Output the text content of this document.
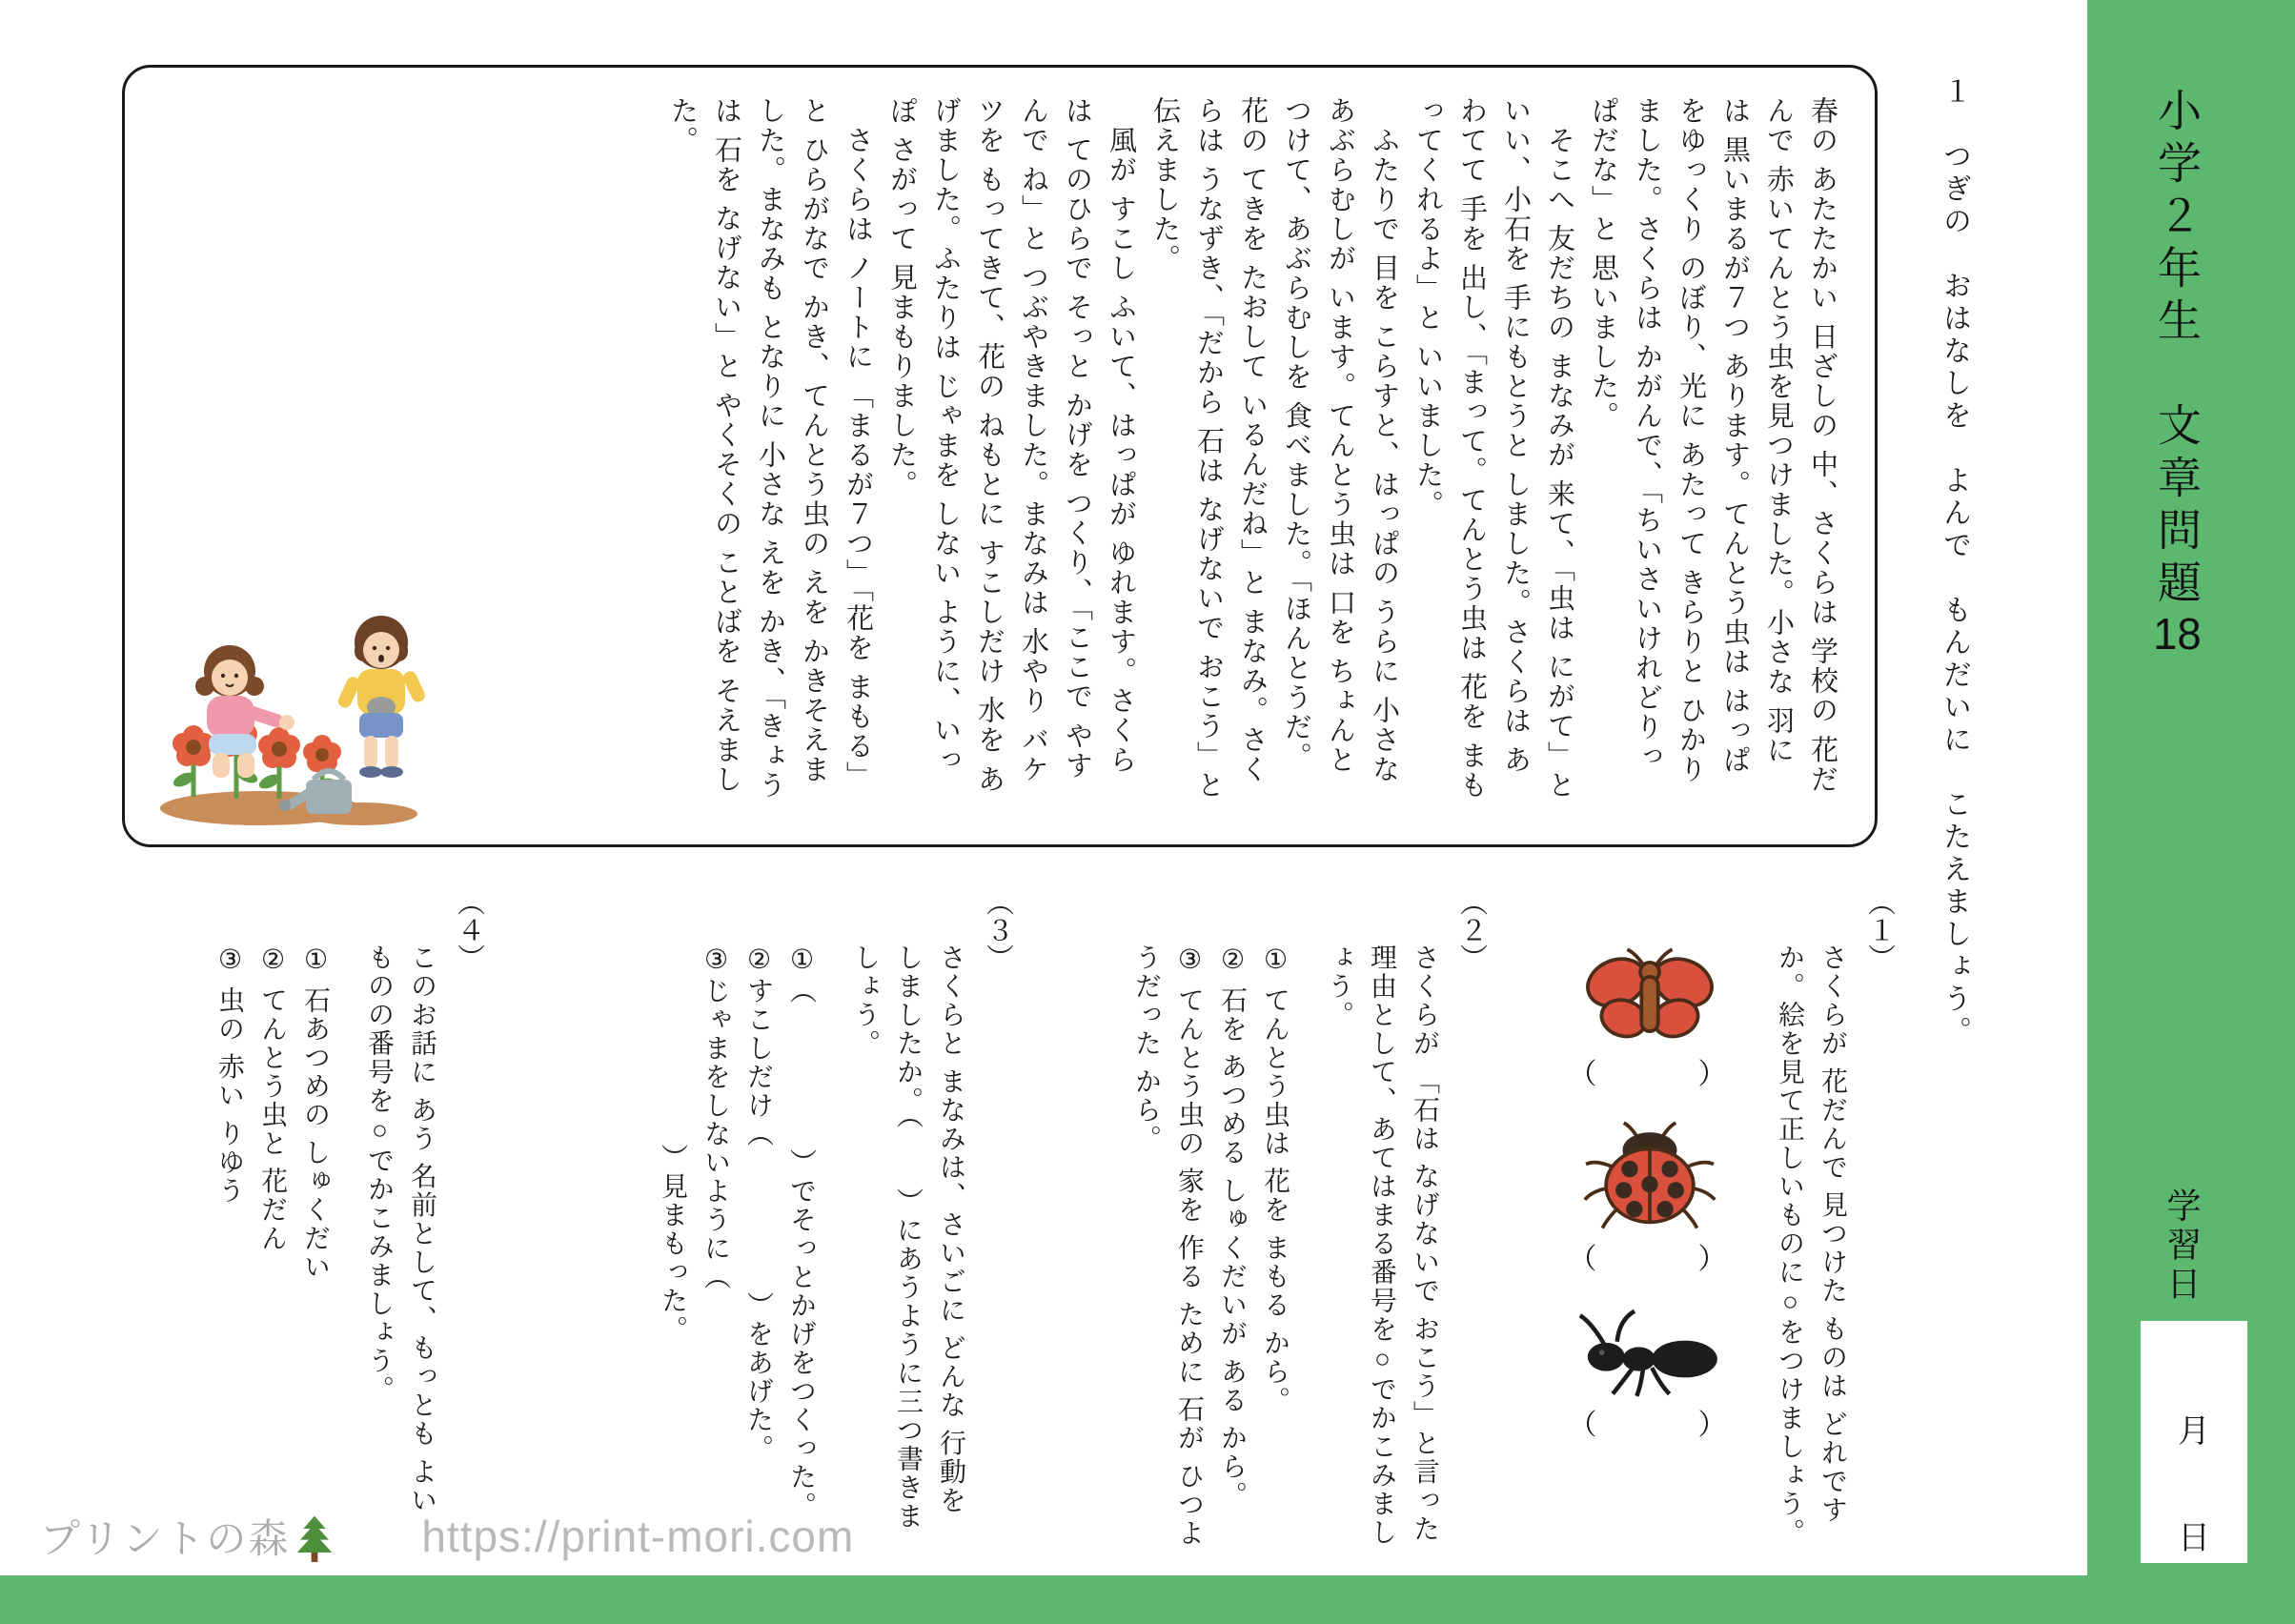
小学２年生　文章問題18
学習日
月
日
１　つぎの　おはなしを　よんで　もんだいに　こたえましょう。
春の あたたかい 日ざしの 中、さくらは 学校の 花だ
んで 赤いてんとう虫を見つけました。小さな 羽に
は 黒いまるが７つ あります。てんとう虫は はっぱ
をゆっくり のぼり、光に あたって きらりと ひかり
ました。さくらは かがんで、「ちいさいけれどりっ
ぱだな」と 思いました。
　そこへ 友だちの まなみが 来て、「虫は にがて」と
いい、小石を 手にもとうと しました。さくらは あ
わてて 手を 出し、「まって。てんとう虫は 花を まも
ってくれるよ」と いいました。
　ふたりで 目を こらすと、はっぱの うらに 小さな
あぶらむしが います。てんとう虫は 口を ちょんと
つけて、あぶらむしを 食べました。「ほんとうだ。
花の てきを たおして いるんだね」と まなみ。さく
らは うなずき、「だから 石は なげないで おこう」と
伝えました。
　風が すこし ふいて、はっぱが ゆれます。さくら
は てのひらで そっと かげを つくり、「ここで やす
んで ね」と つぶやきました。まなみは 水やり バケ
ツを もってきて、花の ねもとに すこしだけ 水を あ
げました。ふたりは じゃまを しない ように、いっ
ぽ さがって 見まもりました。
　さくらは ノートに 「まるが７つ」「花を まもる」
と ひらがなで かき、てんとう虫の えを かきそえま
した。まなみも となりに 小さな えを かき、「きょう
は 石を なげない」と やくそくの ことばを そえまし
た。
（１）
さくらが 花だんで 見つけた ものは どれです
か。絵を見て正しいものに○をつけましょう。
（　　　）
（　　　）
（　　　）
（２）
さくらが 「石は なげないで おこう」と言った
理由として、あてはまる番号を○でかこみまし
ょう。
① てんとう虫は 花を まもる から。
② 石を あつめる しゅくだいが ある から。
③ てんとう虫の 家を 作る ために 石が ひつよ
うだった から。
（３）
さくらと まなみは、さいごに どんな 行動を
しましたか。（　　）にあうように三つ書きま
しょう。
①（　　　　　）でそっとかげをつくった。
②すこしだけ（　　　　　）をあげた。
③じゃまをしないように（
　　　　　　　）見まもった。
（４）
このお話に あう 名前として、もっとも よい
ものの番号を○でかこみましょう。
① 石あつめの しゅくだい
② てんとう虫と 花だん
③ 虫の 赤い りゆう
プリントの森	https://print-mori.com
